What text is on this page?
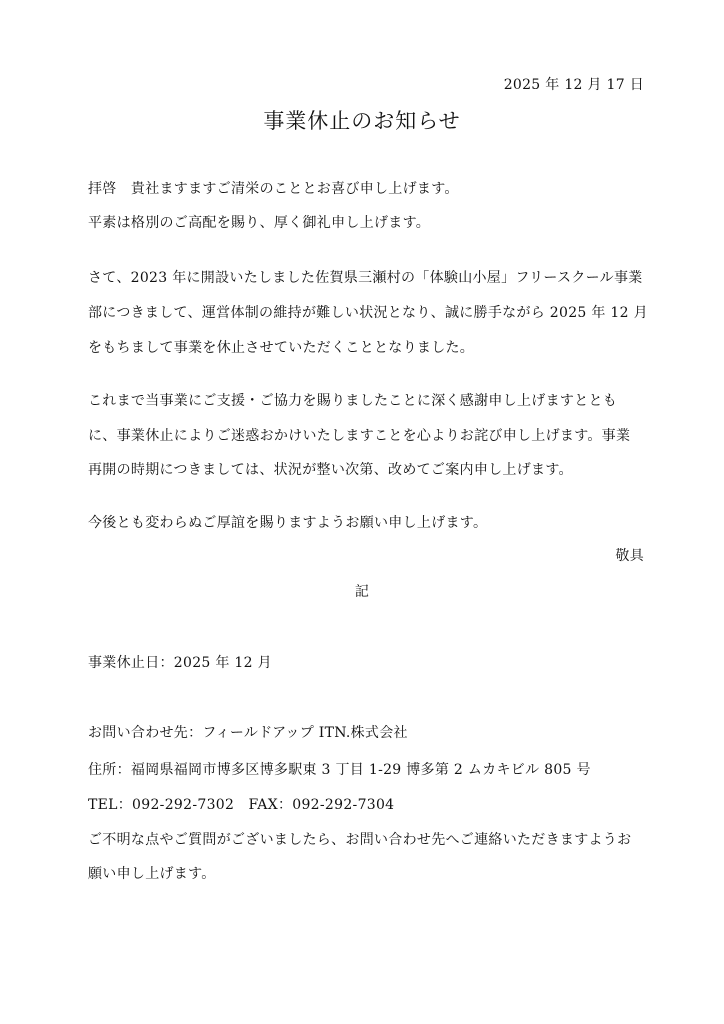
2025 年 12 月 17 日
事業休止のお知らせ
拝啓　貴社ますますご清栄のこととお喜び申し上げます。
平素は格別のご高配を賜り、厚く御礼申し上げます。
さて、2023 年に開設いたしました佐賀県三瀬村の「体験山小屋」フリースクール事業
部につきまして、運営体制の維持が難しい状況となり、誠に勝手ながら 2025 年 12 月
をもちまして事業を休止させていただくこととなりました。
これまで当事業にご支援・ご協力を賜りましたことに深く感謝申し上げますととも
に、事業休止によりご迷惑おかけいたしますことを心よりお詫び申し上げます。事業
再開の時期につきましては、状況が整い次第、改めてご案内申し上げます。
今後とも変わらぬご厚誼を賜りますようお願い申し上げます。
敬具
記
事業休止日：2025 年 12 月
お問い合わせ先：フィールドアップ ITN.株式会社
住所：福岡県福岡市博多区博多駅東 3 丁目 1-29 博多第 2 ムカキビル 805 号
TEL：092-292-7302　FAX：092-292-7304
ご不明な点やご質問がございましたら、お問い合わせ先へご連絡いただきますようお
願い申し上げます。
